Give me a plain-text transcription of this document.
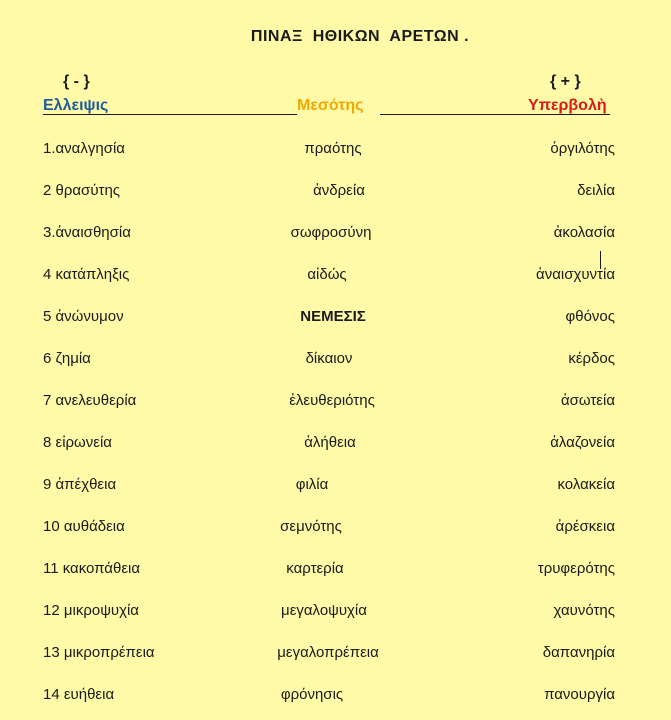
ΠΙΝΑΞ  ΗΘΙΚΩΝ  ΑΡΕΤΩΝ .
{ - }	{ + }
Ελλειψις	Μεσότης	Υπερβολὴ
1.αναλγησία	πραότης	ὀργιλότης
2 θρασύτης	ἀνδρεία	δειλία
3.ἀναισθησία	σωφροσύνη	ἀκολασία
4 κατάπληξις	αἰδώς	ἀναισχυντία
5 ἀνώνυμον	ΝΕΜΕΣΙΣ	φθόνος
6 ζημία	δίκαιον	κέρδος
7 ανελευθερία	ἐλευθεριότης	ἀσωτεία
8 εἰρωνεία	ἀλήθεια	ἀλαζονεία
9 ἀπέχθεια	φιλία	κολακεία
10 αυθάδεια	σεμνότης	ἀρέσκεια
11 κακοπάθεια	καρτερία	τρυφερότης
12 μικροψυχία	μεγαλοψυχία	χαυνότης
13 μικροπρέπεια	μεγαλοπρέπεια	δαπανηρία
14 ευήθεια	φρόνησις	πανουργία
